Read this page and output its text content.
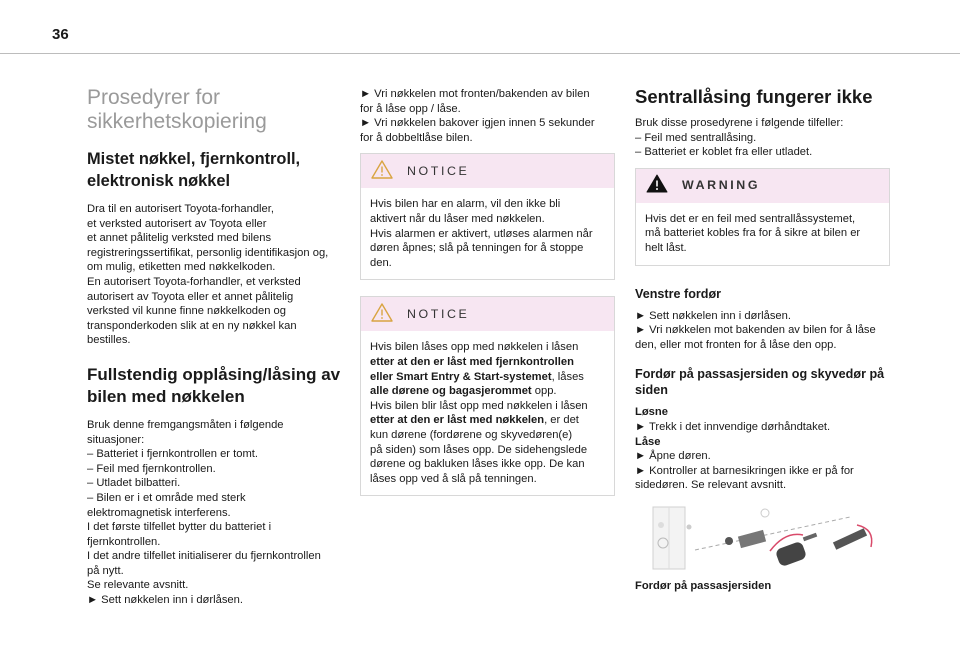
36
Prosedyrer for sikkerhetskopiering
Mistet nøkkel, fjernkontroll, elektronisk nøkkel
Dra til en autorisert Toyota-forhandler,
et verksted autorisert av Toyota eller
et annet pålitelig verksted med bilens
registreringssertifikat, personlig identifikasjon og,
om mulig, etiketten med nøkkelkoden.
En autorisert Toyota-forhandler, et verksted
autorisert av Toyota eller et annet pålitelig
verksted vil kunne finne nøkkelkoden og
transponderkoden slik at en ny nøkkel kan
bestilles.
Fullstendig opplåsing/låsing av bilen med nøkkelen
Bruk denne fremgangsmåten i følgende
situasjoner:
– Batteriet i fjernkontrollen er tomt.
– Feil med fjernkontrollen.
– Utladet bilbatteri.
– Bilen er i et område med sterk
elektromagnetisk interferens.
I det første tilfellet bytter du batteriet i
fjernkontrollen.
I det andre tilfellet initialiserer du fjernkontrollen
på nytt.
Se relevante avsnitt.
► Sett nøkkelen inn i dørlåsen.
► Vri nøkkelen mot fronten/bakenden av bilen
for å låse opp / låse.
► Vri nøkkelen bakover igjen innen 5 sekunder
for å dobbeltlåse bilen.
NOTICE
Hvis bilen har en alarm, vil den ikke bli
aktivert når du låser med nøkkelen.
Hvis alarmen er aktivert, utløses alarmen når
døren åpnes; slå på tenningen for å stoppe
den.
NOTICE
Hvis bilen låses opp med nøkkelen i låsen
etter at den er låst med fjernkontrollen
eller Smart Entry & Start-systemet, låses
alle dørene og bagasjerommet opp.
Hvis bilen blir låst opp med nøkkelen i låsen
etter at den er låst med nøkkelen, er det
kun dørene (fordørene og skyvedøren(e)
på siden) som låses opp. De sidehengslede
dørene og bakluken låses ikke opp. De kan
låses opp ved å slå på tenningen.
Sentrallåsing fungerer ikke
Bruk disse prosedyrene i følgende tilfeller:
– Feil med sentrallåsing.
– Batteriet er koblet fra eller utladet.
WARNING
Hvis det er en feil med sentrallåssystemet,
må batteriet kobles fra for å sikre at bilen er
helt låst.
Venstre fordør
► Sett nøkkelen inn i dørlåsen.
► Vri nøkkelen mot bakenden av bilen for å låse
den, eller mot fronten for å låse den opp.
Fordør på passasjersiden og skyvedør på siden
Løsne
► Trekk i det innvendige dørhåndtaket.
Låse
► Åpne døren.
► Kontroller at barnesikringen ikke er på for
sidedøren. Se relevant avsnitt.
Fordør på passasjersiden
